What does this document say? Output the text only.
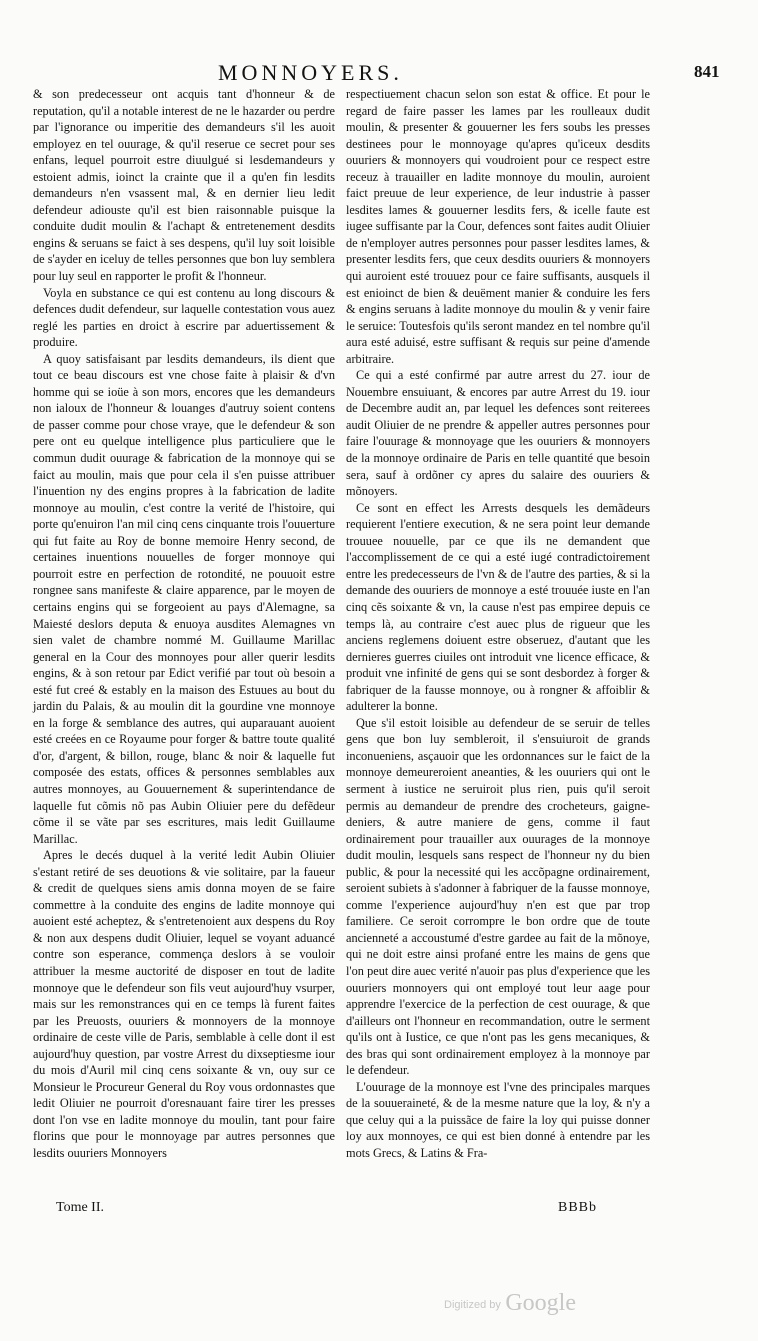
MONNOYERS.	841

& son predecesseur ont acquis tant d'honneur & de reputation, qu'il a notable interest de ne le hazarder ou perdre par l'ignorance ou imperitie des demandeurs s'il les auoit employez en tel ouurage, & qu'il reserue ce secret pour ses enfans, lequel pourroit estre diuulgué si lesdemandeurs y estoient admis, ioinct la crainte que il a qu'en fin lesdits demandeurs n'en vsassent mal, & en dernier lieu ledit defendeur adiouste qu'il est bien raisonnable puisque la conduite dudit moulin & l'achapt & entretenement desdits engins & seruans se faict à ses despens, qu'il luy soit loisible de s'ayder en iceluy de telles personnes que bon luy semblera pour luy seul en rapporter le profit & l'honneur.

Voyla en substance ce qui est contenu au long discours & defences dudit defendeur, sur laquelle contestation vous auez reglé les parties en droict à escrire par aduertissement & produire.

A quoy satisfaisant par lesdits demandeurs, ils dient que tout ce beau discours est vne chose faite à plaisir & d'vn homme qui se ioüe à son mors, encores que les demandeurs non ialoux de l'honneur & louanges d'autruy soient contens de passer comme pour chose vraye, que le defendeur & son pere ont eu quelque intelligence plus particuliere que le commun dudit ouurage & fabrication de la monnoye qui se faict au moulin, mais que pour cela il s'en puisse attribuer l'inuention ny des engins propres à la fabrication de ladite monnoye au moulin, c'est contre la verité de l'histoire, qui porte qu'enuiron l'an mil cinq cens cinquante trois l'ouuerture qui fut faite au Roy de bonne memoire Henry second, de certaines inuentions nouuelles de forger monnoye qui pourroit estre en perfection de rotondité, ne pouuoit estre rongnee sans manifeste & claire apparence, par le moyen de certains engins qui se forgeoient au pays d'Alemagne, sa Maiesté deslors deputa & enuoya ausdites Alemagnes vn sien valet de chambre nommé M. Guillaume Marillac general en la Cour des monnoyes pour aller querir lesdits engins, & à son retour par Edict verifié par tout où besoin a esté fut creé & estably en la maison des Estuues au bout du jardin du Palais, & au moulin dit la gourdine vne monnoye en la forge & semblance des autres, qui auparauant auoient esté creées en ce Royaume pour forger & battre toute qualité d'or, d'argent, & billon, rouge, blanc & noir & laquelle fut composée des estats, offices & personnes semblables aux autres monnoyes, au Gouuernement & superintendance de laquelle fut cõmis nõ pas Aubin Oliuier pere du defẽdeur cõme il se vãte par ses escritures, mais ledit Guillaume Marillac.

Apres le decés duquel à la verité ledit Aubin Oliuier s'estant retiré de ses deuotions & vie solitaire, par la faueur & credit de quelques siens amis donna moyen de se faire commettre à la conduite des engins de ladite monnoye qui auoient esté acheptez, & s'entretenoient aux despens du Roy & non aux despens dudit Oliuier, lequel se voyant aduancé contre son esperance, commença deslors à se vouloir attribuer la mesme auctorité de disposer en tout de ladite monnoye que le defendeur son fils veut aujourd'huy vsurper, mais sur les remonstrances qui en ce temps là furent faites par les Preuosts, ouuriers & monnoyers de la monnoye ordinaire de ceste ville de Paris, semblable à celle dont il est aujourd'huy question, par vostre Arrest du dixseptiesme iour du mois d'Auril mil cinq cens soixante & vn, ouy sur ce Monsieur le Procureur General du Roy vous ordonnastes que ledit Oliuier ne pourroit d'oresnauant faire tirer les presses dont l'on vse en ladite monnoye du moulin, tant pour faire florins que pour le monnoyage par autres personnes que lesdits ouuriers Monnoyers

respectiuement chacun selon son estat & office. Et pour le regard de faire passer les lames par les roulleaux dudit moulin, & presenter & gouuerner les fers soubs les presses destinees pour le monnoyage qu'apres qu'iceux desdits ouuriers & monnoyers qui voudroient pour ce respect estre receuz à trauailler en ladite monnoye du moulin, auroient faict preuue de leur experience, de leur industrie à passer lesdites lames & gouuerner lesdits fers, & icelle faute est iugee suffisante par la Cour, defences sont faites audit Oliuier de n'employer autres personnes pour passer lesdites lames, & presenter lesdits fers, que ceux desdits ouuriers & monnoyers qui auroient esté trouuez pour ce faire suffisants, ausquels il est enioinct de bien & deuëment manier & conduire les fers & engins seruans à ladite monnoye du moulin & y venir faire le seruice: Toutesfois qu'ils seront mandez en tel nombre qu'il aura esté aduisé, estre suffisant & requis sur peine d'amende arbitraire.

Ce qui a esté confirmé par autre arrest du 27. iour de Nouembre ensuiuant, & encores par autre Arrest du 19. iour de Decembre audit an, par lequel les defences sont reiterees audit Oliuier de ne prendre & appeller autres personnes pour faire l'ouurage & monnoyage que les ouuriers & monnoyers de la monnoye ordinaire de Paris en telle quantité que besoin sera, sauf à ordõner cy apres du salaire des ouuriers & mõnoyers.

Ce sont en effect les Arrests desquels les demãdeurs requierent l'entiere execution, & ne sera point leur demande trouuee nouuelle, par ce que ils ne demandent que l'accomplissement de ce qui a esté iugé contradictoirement entre les predecesseurs de l'vn & de l'autre des parties, & si la demande des ouuriers de monnoye a esté trouuée iuste en l'an cinq cẽs soixante & vn, la cause n'est pas empiree depuis ce temps là, au contraire c'est auec plus de rigueur que les anciens reglemens doiuent estre obseruez, d'autant que les dernieres guerres ciuiles ont introduit vne licence efficace, & produit vne infinité de gens qui se sont desbordez à forger & fabriquer de la fausse monnoye, ou à rongner & affoiblir & adulterer la bonne.

Que s'il estoit loisible au defendeur de se seruir de telles gens que bon luy sembleroit, il s'ensuiuroit de grands inconueniens, asçauoir que les ordonnances sur le faict de la monnoye demeureroient aneanties, & les ouuriers qui ont le serment à iustice ne seruiroit plus rien, puis qu'il seroit permis au demandeur de prendre des crocheteurs, gaigne-deniers, & autre maniere de gens, comme il faut ordinairement pour trauailler aux ouurages de la monnoye dudit moulin, lesquels sans respect de l'honneur ny du bien public, & pour la necessité qui les accõpagne ordinairement, seroient subiets à s'adonner à fabriquer de la fausse monnoye, comme l'experience aujourd'huy n'en est que par trop familiere. Ce seroit corrompre le bon ordre que de toute ancienneté a accoustumé d'estre gardee au fait de la mõnoye, qui ne doit estre ainsi profané entre les mains de gens que l'on peut dire auec verité n'auoir pas plus d'experience que les ouuriers monnoyers qui ont employé tout leur aage pour apprendre l'exercice de la perfection de cest ouurage, & que d'ailleurs ont l'honneur en recommandation, outre le serment qu'ils ont à Iustice, ce que n'ont pas les gens mecaniques, & des bras qui sont ordinairement employez à la monnoye par le defendeur.

L'ouurage de la monnoye est l'vne des principales marques de la souueraineté, & de la mesme nature que la loy, & n'y a que celuy qui a la puissãce de faire la loy qui puisse donner loy aux monnoyes, ce qui est bien donné à entendre par les mots Grecs, & Latins & Fra-

Tome II.	BBBb
Digitized by Google
